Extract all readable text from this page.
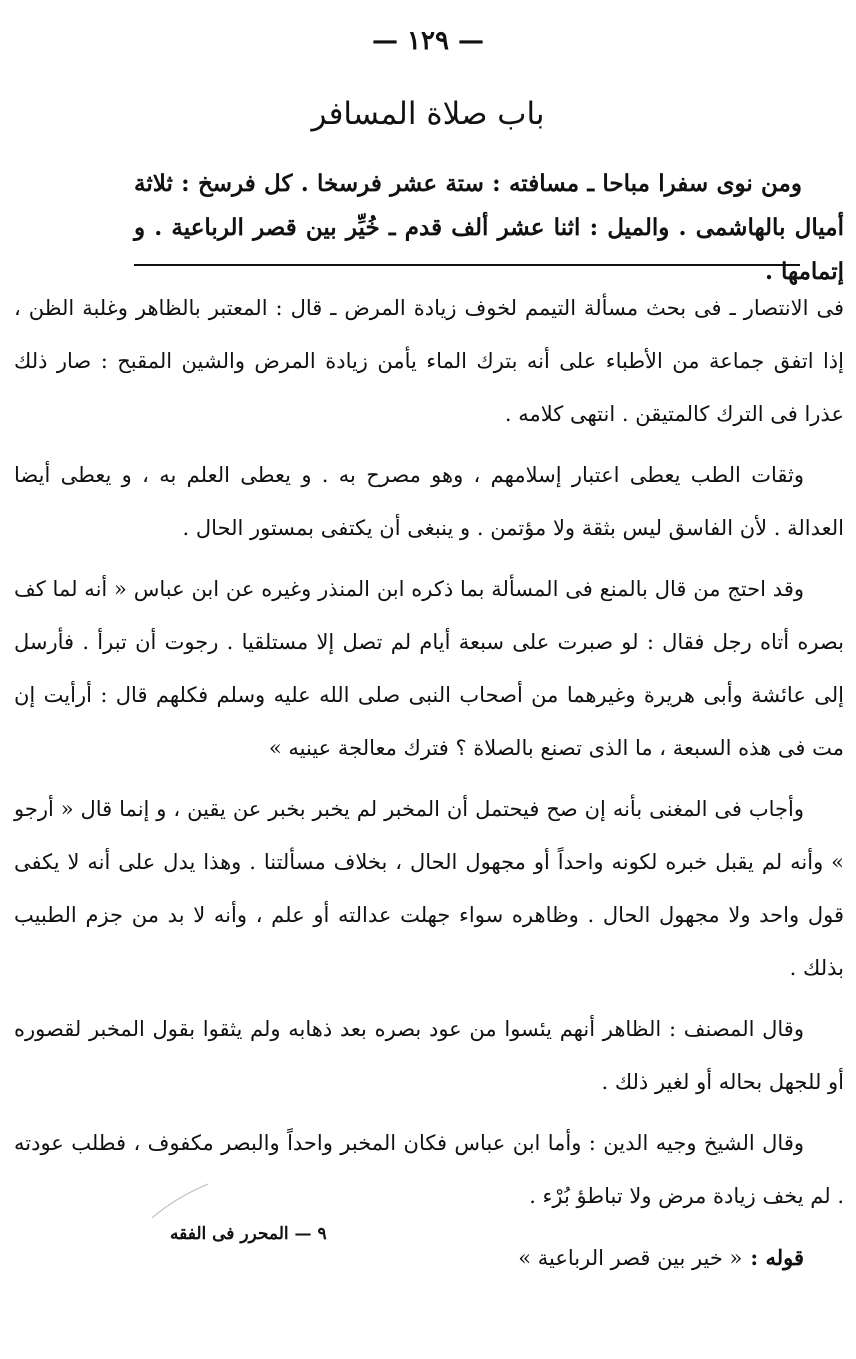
— ١٢٩ —
باب صلاة المسافر

ومن نوى سفرا مباحا ـ مسافته : ستة عشر فرسخا . كل فرسخ : ثلاثة أميال بالهاشمى . والميل : اثنا عشر ألف قدم ـ خُيِّر بين قصر الرباعية . و إتمامها .

فى الانتصار ـ فى بحث مسألة التيمم لخوف زيادة المرض ـ قال : المعتبر بالظاهر وغلبة الظن ، إذا اتفق جماعة من الأطباء على أنه بترك الماء يأمن زيادة المرض والشين المقبح : صار ذلك عذرا فى الترك كالمتيقن . انتهى كلامه .

وثقات الطب يعطى اعتبار إسلامهم ، وهو مصرح به . و يعطى العلم به ، و يعطى أيضا العدالة . لأن الفاسق ليس بثقة ولا مؤتمن . و ينبغى أن يكتفى بمستور الحال .

وقد احتج من قال بالمنع فى المسألة بما ذكره ابن المنذر وغيره عن ابن عباس « أنه لما كف بصره أتاه رجل فقال : لو صبرت على سبعة أيام لم تصل إلا مستلقيا . رجوت أن تبرأ . فأرسل إلى عائشة وأبى هريرة وغيرهما من أصحاب النبى صلى الله عليه وسلم فكلهم قال : أرأيت إن مت فى هذه السبعة ، ما الذى تصنع بالصلاة ؟ فترك معالجة عينيه »

وأجاب فى المغنى بأنه إن صح فيحتمل أن المخبر لم يخبر بخبر عن يقين ، و إنما قال « أرجو » وأنه لم يقبل خبره لكونه واحداً أو مجهول الحال ، بخلاف مسألتنا . وهذا يدل على أنه لا يكفى قول واحد ولا مجهول الحال . وظاهره سواء جهلت عدالته أو علم ، وأنه لا بد من جزم الطبيب بذلك .

وقال المصنف : الظاهر أنهم يئسوا من عود بصره بعد ذهابه ولم يثقوا بقول المخبر لقصوره أو للجهل بحاله أو لغير ذلك .

وقال الشيخ وجيه الدين : وأما ابن عباس فكان المخبر واحداً والبصر مكفوف ، فطلب عودته . لم يخف زيادة مرض ولا تباطؤ بُرْء .

قوله :« خير بين قصر الرباعية »

٩ — المحرر فى الفقه
